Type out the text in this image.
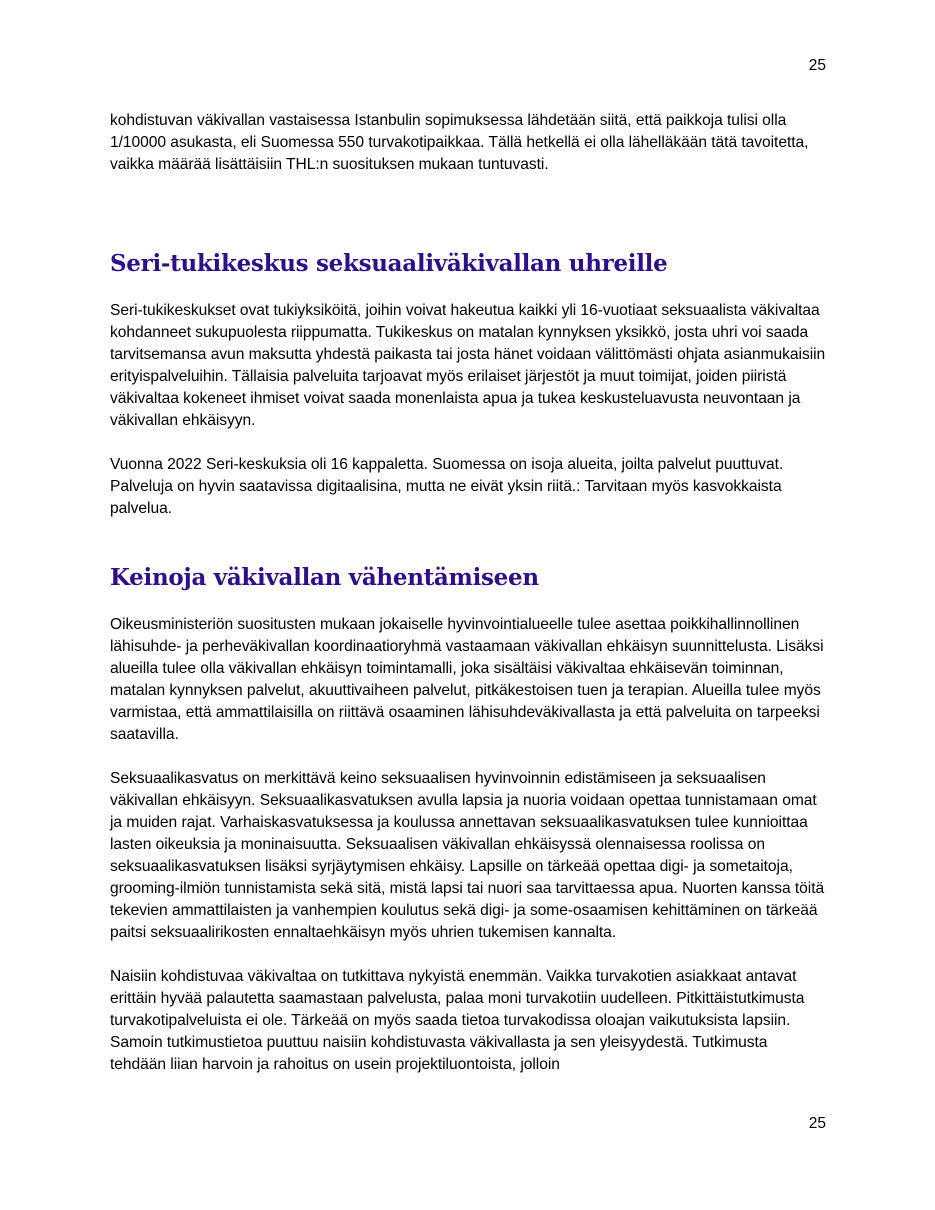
25

kohdistuvan väkivallan vastaisessa Istanbulin sopimuksessa lähdetään siitä, että paikkoja tulisi olla 1/10000 asukasta, eli Suomessa 550 turvakotipaikkaa. Tällä hetkellä ei olla lähelläkään tätä tavoitetta, vaikka määrää lisättäisiin THL:n suosituksen mukaan tuntuvasti.

Seri-tukikeskus seksuaaliväkivallan uhreille

Seri-tukikeskukset ovat tukiyksiköitä, joihin voivat hakeutua kaikki yli 16-vuotiaat seksuaalista väkivaltaa kohdanneet sukupuolesta riippumatta. Tukikeskus on matalan kynnyksen yksikkö, josta uhri voi saada tarvitsemansa avun maksutta yhdestä paikasta tai josta hänet voidaan välittömästi ohjata asianmukaisiin erityispalveluihin. Tällaisia palveluita tarjoavat myös erilaiset järjestöt ja muut toimijat, joiden piiristä väkivaltaa kokeneet ihmiset voivat saada monenlaista apua ja tukea keskusteluavusta neuvontaan ja väkivallan ehkäisyyn.

Vuonna 2022 Seri-keskuksia oli 16 kappaletta. Suomessa on isoja alueita, joilta palvelut puuttuvat. Palveluja on hyvin saatavissa digitaalisina, mutta ne eivät yksin riitä.: Tarvitaan myös kasvokkaista palvelua.

Keinoja väkivallan vähentämiseen

Oikeusministeriön suositusten mukaan jokaiselle hyvinvointialueelle tulee asettaa poikkihallinnollinen lähisuhde- ja perheväkivallan koordinaatioryhmä vastaamaan väkivallan ehkäisyn suunnittelusta. Lisäksi alueilla tulee olla väkivallan ehkäisyn toimintamalli, joka sisältäisi väkivaltaa ehkäisevän toiminnan, matalan kynnyksen palvelut, akuuttivaiheen palvelut, pitkäkestoisen tuen ja terapian. Alueilla tulee myös varmistaa, että ammattilaisilla on riittävä osaaminen lähisuhdeväkivallasta ja että palveluita on tarpeeksi saatavilla.

Seksuaalikasvatus on merkittävä keino seksuaalisen hyvinvoinnin edistämiseen ja seksuaalisen väkivallan ehkäisyyn. Seksuaalikasvatuksen avulla lapsia ja nuoria voidaan opettaa tunnistamaan omat ja muiden rajat. Varhaiskasvatuksessa ja koulussa annettavan seksuaalikasvatuksen tulee kunnioittaa lasten oikeuksia ja moninaisuutta. Seksuaalisen väkivallan ehkäisyssä olennaisessa roolissa on seksuaalikasvatuksen lisäksi syrjäytymisen ehkäisy. Lapsille on tärkeää opettaa digi- ja sometaitoja, grooming-ilmiön tunnistamista sekä sitä, mistä lapsi tai nuori saa tarvittaessa apua. Nuorten kanssa töitä tekevien ammattilaisten ja vanhempien koulutus sekä digi- ja some-osaamisen kehittäminen on tärkeää paitsi seksuaalirikosten ennaltaehkäisyn myös uhrien tukemisen kannalta.

Naisiin kohdistuvaa väkivaltaa on tutkittava nykyistä enemmän. Vaikka turvakotien asiakkaat antavat erittäin hyvää palautetta saamastaan palvelusta, palaa moni turvakotiin uudelleen. Pitkittäistutkimusta turvakotipalveluista ei ole. Tärkeää on myös saada tietoa turvakodissa oloajan vaikutuksista lapsiin. Samoin tutkimustietoa puuttuu naisiin kohdistuvasta väkivallasta ja sen yleisyydestä. Tutkimusta tehdään liian harvoin ja rahoitus on usein projektiluontoista, jolloin

25
